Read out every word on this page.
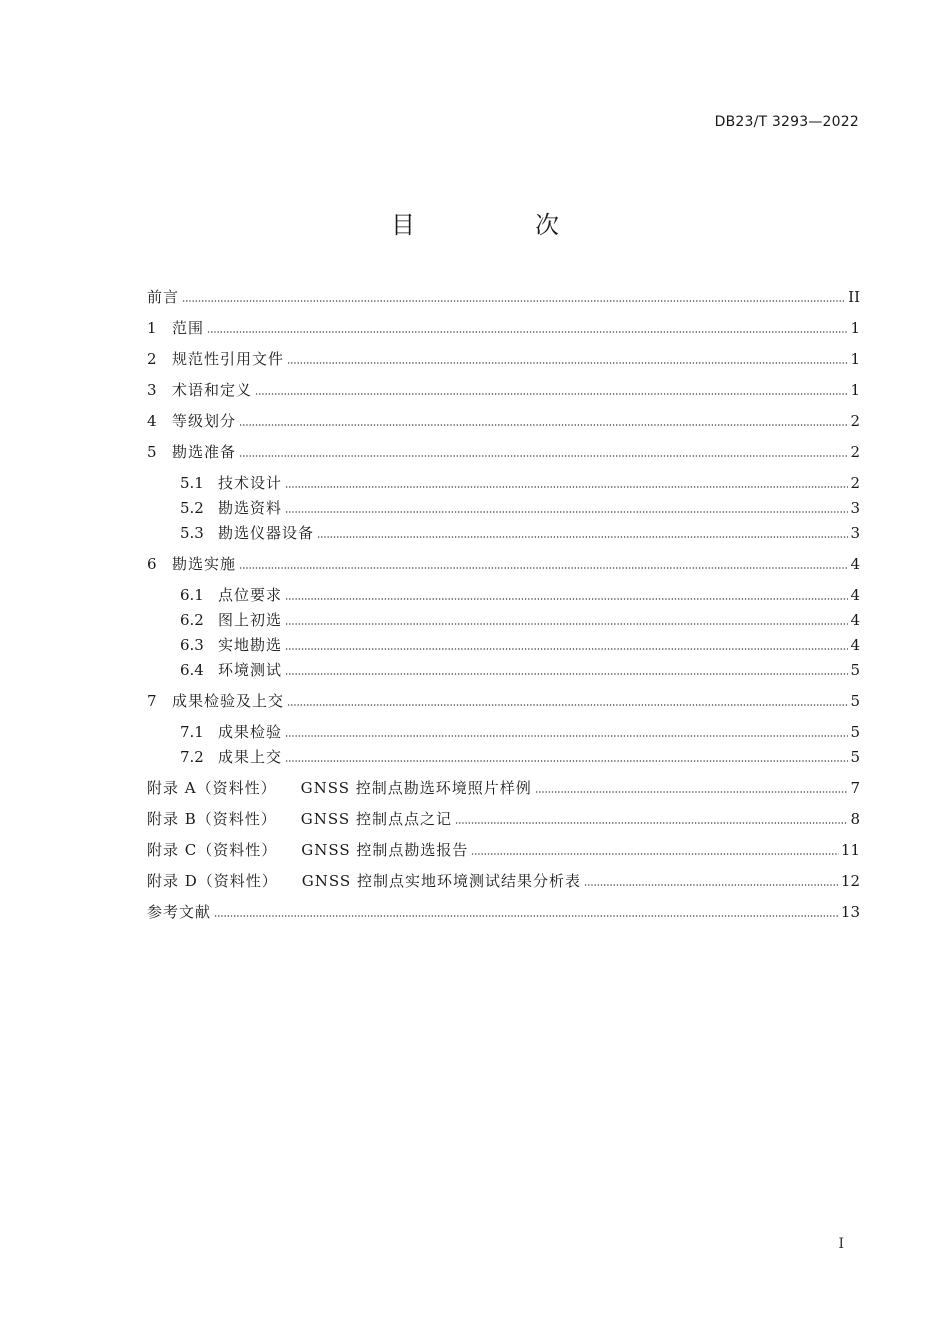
DB23/T 3293—2022
目　次
前言	II
1	范围	1
2	规范性引用文件	1
3	术语和定义	1
4	等级划分	2
5	勘选准备	2
5.1 技术设计	2
5.2 勘选资料	3
5.3 勘选仪器设备	3
6	勘选实施	4
6.1 点位要求	4
6.2 图上初选	4
6.3 实地勘选	4
6.4 环境测试	5
7	成果检验及上交	5
7.1 成果检验	5
7.2 成果上交	5
附录 A（资料性） GNSS 控制点勘选环境照片样例	7
附录 B（资料性） GNSS 控制点点之记	8
附录 C（资料性） GNSS 控制点勘选报告	11
附录 D（资料性） GNSS 控制点实地环境测试结果分析表	12
参考文献	13
I
